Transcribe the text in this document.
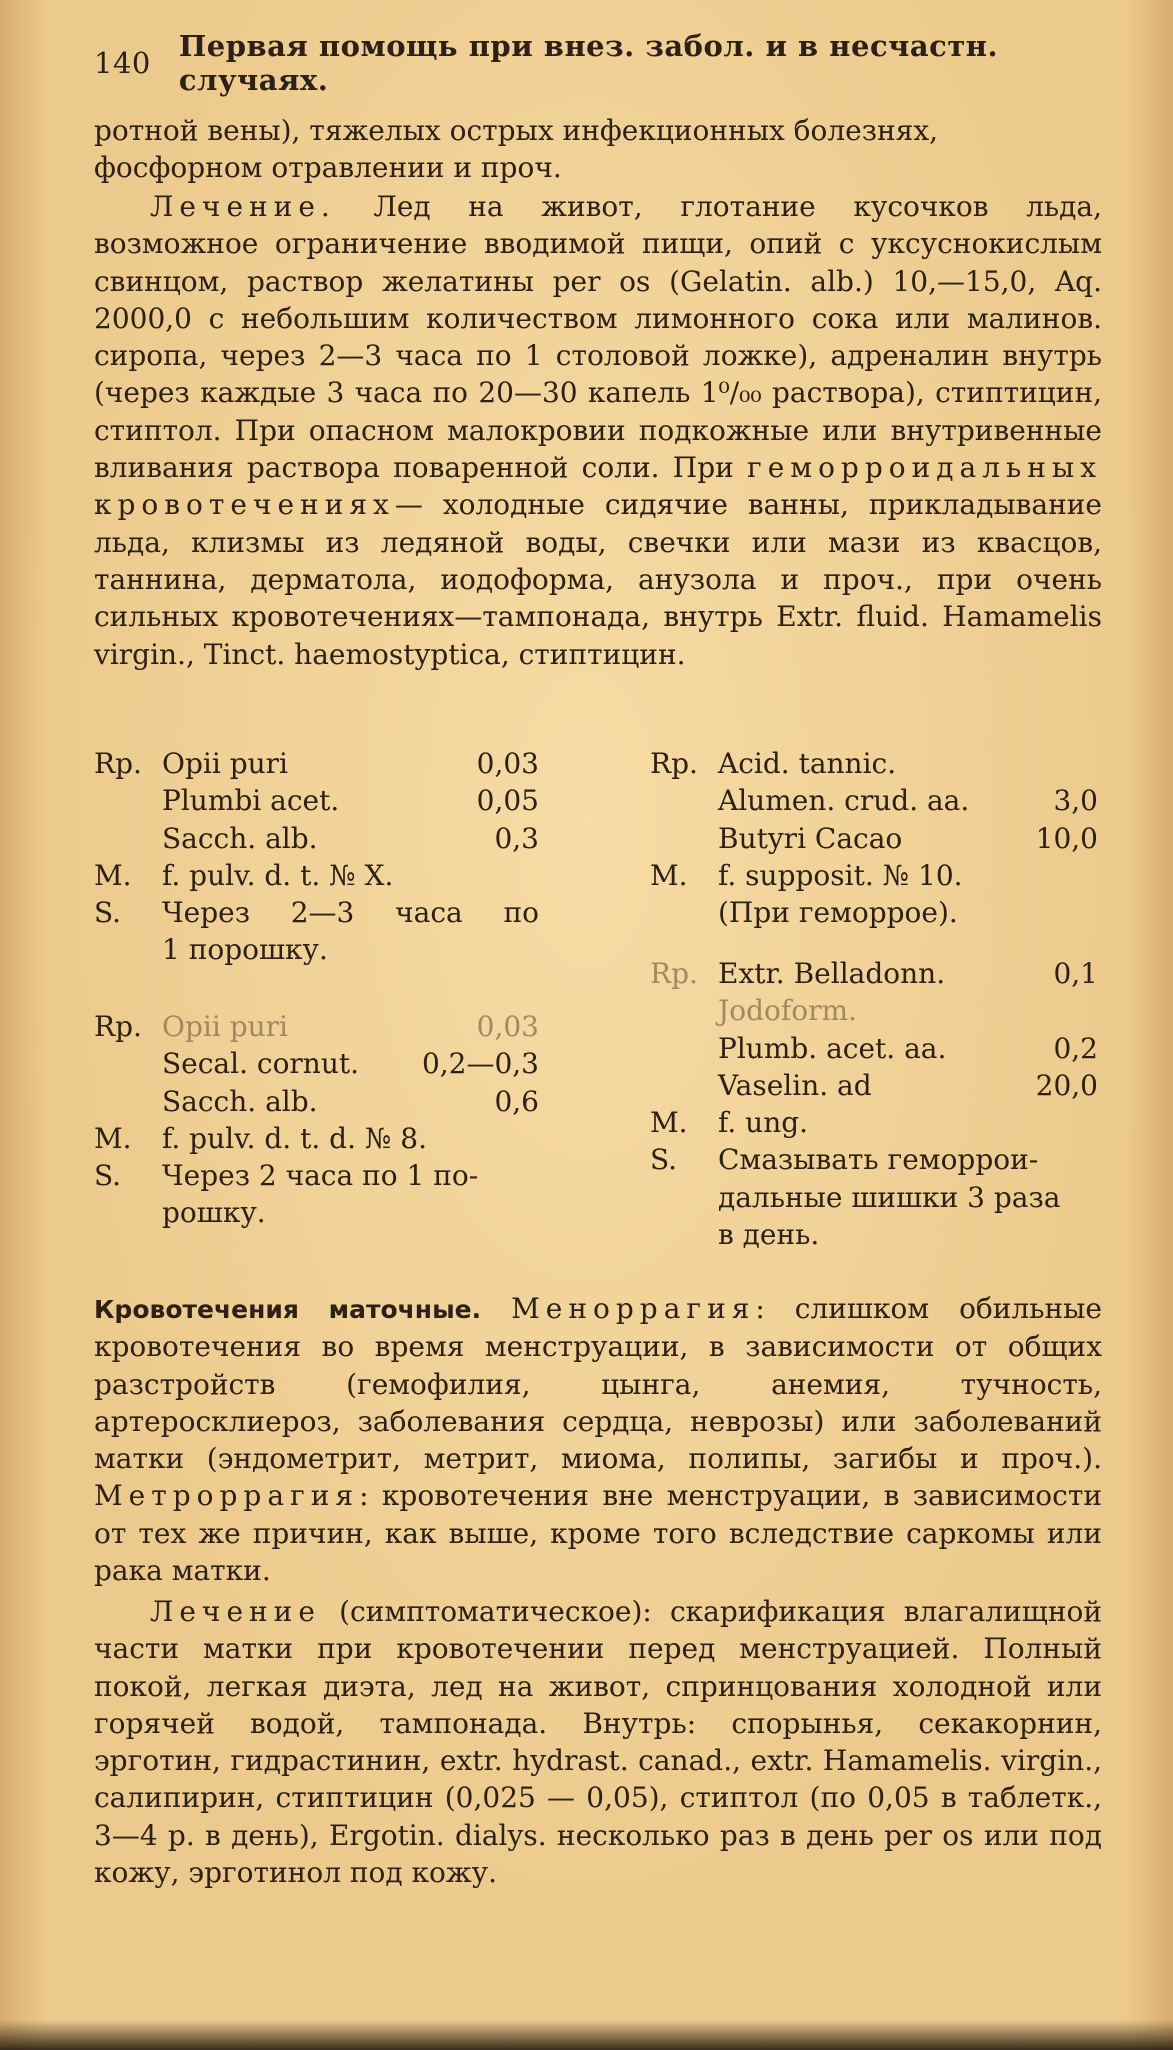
140 Первая помощь при внез. забол. и в несчастн. случаях.

ротной вены), тяжелых острых инфекционных болезнях,

фосфорном отравлении и проч.

Лечение. Лед на живот, глотание кусочков льда, возможное ограничение вводимой пищи, опий с уксуснокислым свинцом, раствор желатины per os (Gelatin. alb.) 10,—15,0, Aq. 2000,0 с небольшим количеством лимонного сока или малинов. сиропа, через 2—3 часа по 1 столовой ложке), адреналин внутрь (через каждые 3 часа по 20—30 капель 1⁰/₀₀ раствора), стиптицин, стиптол. При опасном малокровии подкожные или внутривенные вливания раствора поваренной соли. При геморроидальных кровотечениях— холодные сидячие ванны, прикладывание льда, клизмы из ледяной воды, свечки или мази из квасцов, таннина, дерматола, иодоформа, анузола и проч., при очень сильных кровотечениях—тампонада, внутрь Extr. fluid. Hamamelis virgin., Tinct. haemostyptica, стиптицин.

Rp. Opii puri	0,03
Plumbi acet.	0,05
Sacch. alb.	0,3
M.	f. pulv. d. t. № X.
S.	Через 2—3 часа по
1 порошку.
Rp. Opii puri	0,03
Secal. cornut. 0,2—0,3
Sacch. alb.	0,6
M.	f. pulv. d. t. d. № 8.
S.	Через 2 часа по 1 по-
рошку.
Rp. Acid. tannic.
Alumen. crud. aa.	3,0
Butyri Cacao	10,0
M.	f. supposit. № 10.
(При геморрое).
Rp. Extr. Belladonn.	0,1
Jodoform.
Plumb. acet. aa.	0,2
Vaselin. ad	20,0
M.	f. ung.
S.	Смазывать геморрои-
дальные шишки 3 раза
в день.

Кровотечения маточные. Меноррагия: слишком обильные кровотечения во время менструации, в зависимости от общих разстройств (гемофилия, цынга, анемия, тучность, артеросклиероз, заболевания сердца, неврозы) или заболеваний матки (эндометрит, метрит, миома, полипы, загибы и проч.). Метроррагия: кровотечения вне менструации, в зависимости от тех же причин, как выше, кроме того вследствие саркомы или рака матки.

Лечение (симптоматическое): скарификация влагалищной части матки при кровотечении перед менструацией. Полный покой, легкая диэта, лед на живот, спринцования холодной или горячей водой, тампонада. Внутрь: спорынья, секакорнин, эрготин, гидрастинин, extr. hydrast. canad., extr. Hamamelis. virgin., салипирин, стиптицин (0,025 — 0,05), стиптол (по 0,05 в таблетк., 3—4 р. в день), Ergotin. dialys. несколько раз в день per os или под кожу, эрготинол под кожу.
